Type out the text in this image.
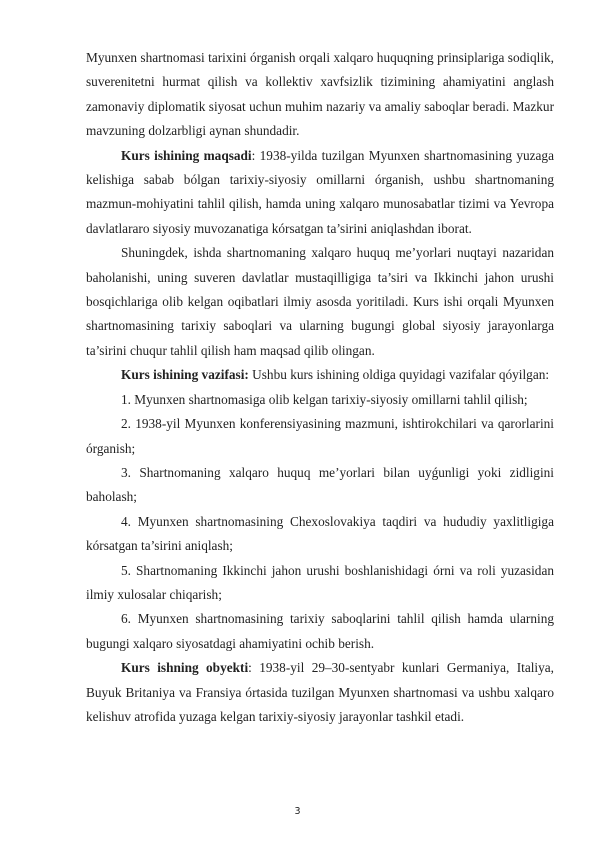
Myunxen shartnomasi tarixini órganish orqali xalqaro huquqning prinsiplariga sodiqlik, suverenitetni hurmat qilish va kollektiv xavfsizlik tizimining ahamiyatini anglash zamonaviy diplomatik siyosat uchun muhim nazariy va amaliy saboqlar beradi. Mazkur mavzuning dolzarbligi aynan shundadir.

Kurs ishining maqsadi: 1938-yilda tuzilgan Myunxen shartnomasining yuzaga kelishiga sabab bólgan tarixiy-siyosiy omillarni órganish, ushbu shartnomaning mazmun-mohiyatini tahlil qilish, hamda uning xalqaro munosabatlar tizimi va Yevropa davlatlararo siyosiy muvozanatiga kórsatgan ta’sirini aniqlashdan iborat.

Shuningdek, ishda shartnomaning xalqaro huquq me’yorlari nuqtayi nazaridan baholanishi, uning suveren davlatlar mustaqilligiga ta’siri va Ikkinchi jahon urushi bosqichlariga olib kelgan oqibatlari ilmiy asosda yoritiladi. Kurs ishi orqali Myunxen shartnomasining tarixiy saboqlari va ularning bugungi global siyosiy jarayonlarga ta’sirini chuqur tahlil qilish ham maqsad qilib olingan.

Kurs ishining vazifasi: Ushbu kurs ishining oldiga quyidagi vazifalar qóyilgan:

1. Myunxen shartnomasiga olib kelgan tarixiy-siyosiy omillarni tahlil qilish;

2. 1938-yil Myunxen konferensiyasining mazmuni, ishtirokchilari va qarorlarini órganish;

3. Shartnomaning xalqaro huquq me’yorlari bilan uyǵunligi yoki zidligini baholash;

4. Myunxen shartnomasining Chexoslovakiya taqdiri va hududiy yaxlitligiga kórsatgan ta’sirini aniqlash;

5. Shartnomaning Ikkinchi jahon urushi boshlanishidagi órni va roli yuzasidan ilmiy xulosalar chiqarish;

6. Myunxen shartnomasining tarixiy saboqlarini tahlil qilish hamda ularning bugungi xalqaro siyosatdagi ahamiyatini ochib berish.

Kurs ishning obyekti: 1938-yil 29–30-sentyabr kunlari Germaniya, Italiya, Buyuk Britaniya va Fransiya órtasida tuzilgan Myunxen shartnomasi va ushbu xalqaro kelishuv atrofida yuzaga kelgan tarixiy-siyosiy jarayonlar tashkil etadi.

3
